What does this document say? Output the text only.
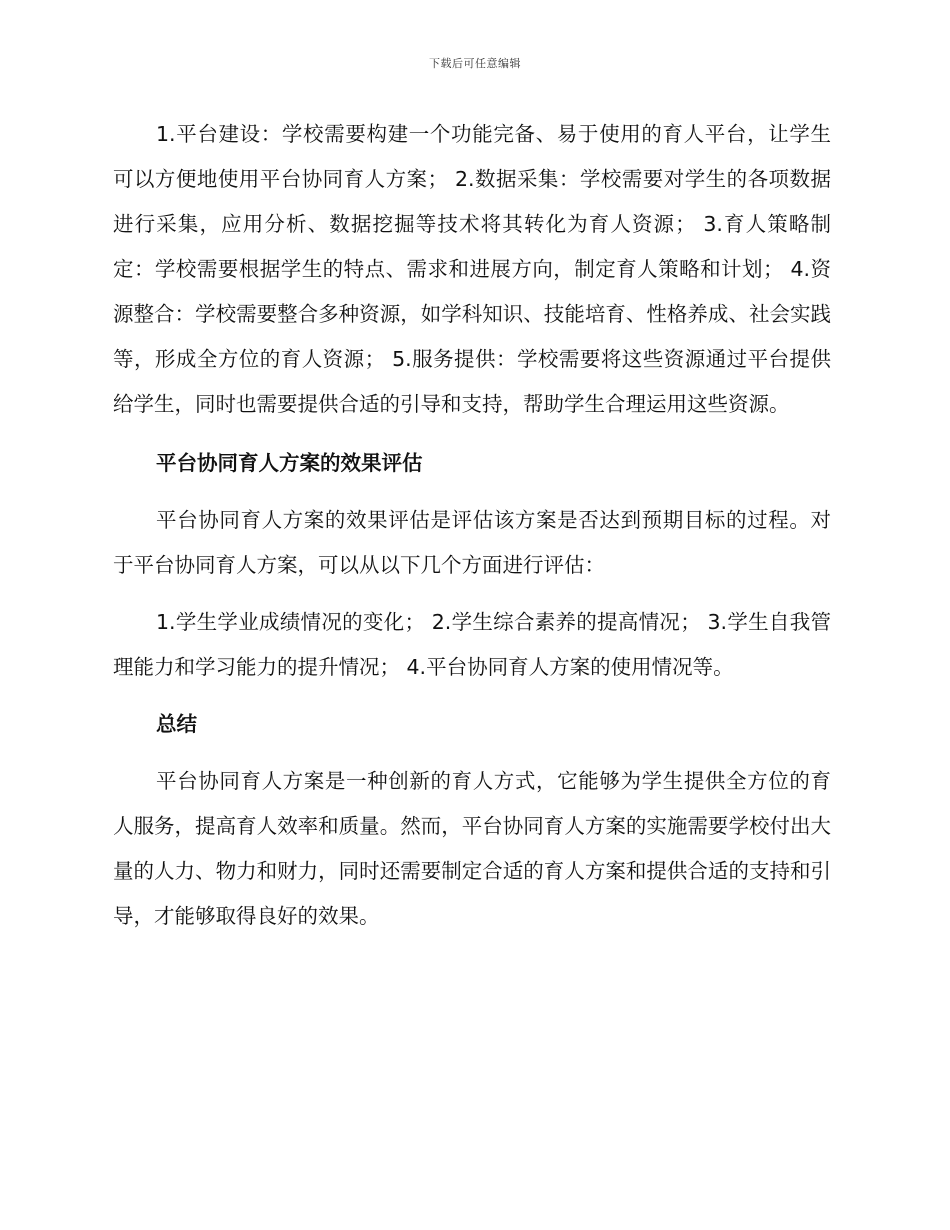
下载后可任意编辑

1.平台建设：学校需要构建一个功能完备、易于使用的育人平台，让学生可以方便地使用平台协同育人方案； 2.数据采集：学校需要对学生的各项数据进行采集，应用分析、数据挖掘等技术将其转化为育人资源； 3.育人策略制定：学校需要根据学生的特点、需求和进展方向，制定育人策略和计划； 4.资源整合：学校需要整合多种资源，如学科知识、技能培育、性格养成、社会实践等，形成全方位的育人资源； 5.服务提供：学校需要将这些资源通过平台提供给学生，同时也需要提供合适的引导和支持，帮助学生合理运用这些资源。

平台协同育人方案的效果评估

平台协同育人方案的效果评估是评估该方案是否达到预期目标的过程。对于平台协同育人方案，可以从以下几个方面进行评估：

1.学生学业成绩情况的变化； 2.学生综合素养的提高情况； 3.学生自我管理能力和学习能力的提升情况； 4.平台协同育人方案的使用情况等。

总结

平台协同育人方案是一种创新的育人方式，它能够为学生提供全方位的育人服务，提高育人效率和质量。然而，平台协同育人方案的实施需要学校付出大量的人力、物力和财力，同时还需要制定合适的育人方案和提供合适的支持和引导，才能够取得良好的效果。
